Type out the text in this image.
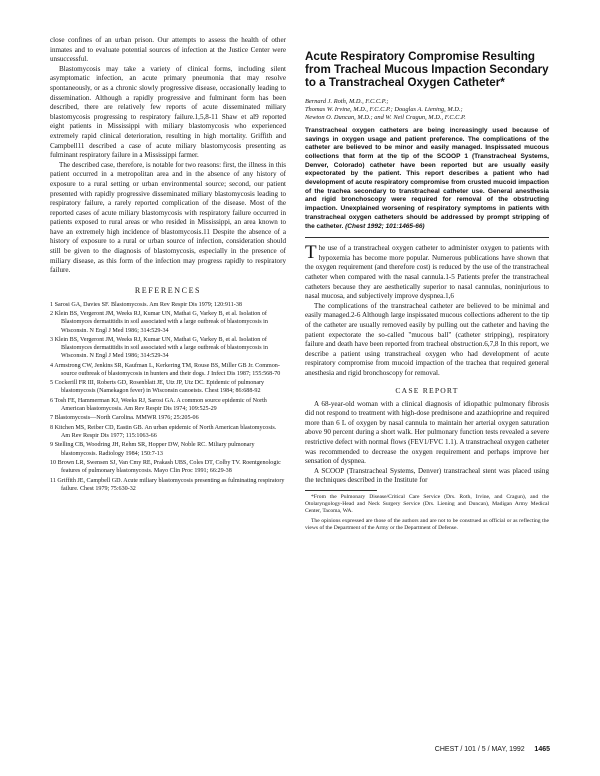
close confines of an urban prison. Our attempts to assess the health of other inmates and to evaluate potential sources of infection at the Justice Center were unsuccessful.

Blastomycosis may take a variety of clinical forms, including silent asymptomatic infection, an acute primary pneumonia that may resolve spontaneously, or as a chronic slowly progressive disease, occasionally leading to dissemination. Although a rapidly progressive and fulminant form has been described, there are relatively few reports of acute disseminated miliary blastomycosis progressing to respiratory failure.1,5,8-11 Shaw et al9 reported eight patients in Mississippi with miliary blastomycosis who experienced extremely rapid clinical deterioration, resulting in high mortality. Griffith and Campbell11 described a case of acute miliary blastomycosis presenting as fulminant respiratory failure in a Mississippi farmer.

The described case, therefore, is notable for two reasons: first, the illness in this patient occurred in a metropolitan area and in the absence of any history of exposure to a rural setting or urban environmental source; second, our patient presented with rapidly progressive disseminated miliary blastomycosis leading to respiratory failure, a rarely reported complication of the disease. Most of the reported cases of acute miliary blastomycosis with respiratory failure occurred in patients exposed to rural areas or who resided in Mississippi, an area known to have an extremely high incidence of blastomycosis.11 Despite the absence of a history of exposure to a rural or urban source of infection, consideration should still be given to the diagnosis of blastomycosis, especially in the presence of miliary disease, as this form of the infection may progress rapidly to respiratory failure.

REFERENCES
1 Sarosi GA, Davies SF. Blastomycosis. Am Rev Respir Dis 1979; 120:911-38
2 Klein BS, Vergeront JM, Weeks RJ, Kumar UN, Mathai G, Varkey B, et al. Isolation of Blastomyces dermatitidis in soil associated with a large outbreak of blastomycosis in Wisconsin. N Engl J Med 1986; 314:529-34
3 Klein BS, Vergeront JM, Weeks RJ, Kumar UN, Mathai G, Varkey B, et al. Isolation of Blastomyces dermatitidis in soil associated with a large outbreak of blastomycosis in Wisconsin. N Engl J Med 1986; 314:529-34
4 Armstrong CW, Jenkins SR, Kaufman L, Kerkering TM, Rouse BS, Miller GB Jr. Common-source outbreak of blastomycosis in hunters and their dogs. J Infect Dis 1987; 155:568-70
5 Cockerill FR III, Roberts GD, Rosenblatt JE, Utz JP, Utz DC. Epidemic of pulmonary blastomycosis (Namekagon fever) in Wisconsin canoeists. Chest 1984; 86:688-92
6 Tosh FE, Hammerman KJ, Weeks RJ, Sarosi GA. A common source epidemic of North American blastomycosis. Am Rev Respir Dis 1974; 109:525-29
7 Blastomycosis—North Carolina. MMWR 1976; 25:205-06
8 Kitchen MS, Reiber CD, Eastin GB. An urban epidemic of North American blastomycosis. Am Rev Respir Dis 1977; 115:1063-66
9 Stelling CB, Woodring JH, Rehm SR, Hopper DW, Noble RC. Miliary pulmonary blastomycosis. Radiology 1984; 150:7-13
10 Brown LR, Swensen SJ, Van Cmy RE, Prakash UBS, Coles DT, Colby TV. Roentgenologic features of pulmonary blastomycosis. Mayo Clin Proc 1991; 66:29-38
11 Griffith JE, Campbell GD. Acute miliary blastomycosis presenting as fulminating respiratory failure. Chest 1979; 75:630-32
Acute Respiratory Compromise Resulting from Tracheal Mucous Impaction Secondary to a Transtracheal Oxygen Catheter*
Bernard J. Roth, M.D., F.C.C.P.;
Thomas W. Irvine, M.D., F.C.C.P.; Douglas A. Liening, M.D.;
Newton O. Duncan, M.D.; and W. Neil Cragun, M.D., F.C.C.P.
Transtracheal oxygen catheters are being increasingly used because of savings in oxygen usage and patient preference. The complications of the catheter are believed to be minor and easily managed. Inspissated mucous collections that form at the tip of the SCOOP 1 (Transtracheal Systems, Denver, Colorado) catheter have been reported but are usually easily expectorated by the patient. This report describes a patient who had development of acute respiratory compromise from crusted mucoid impaction of the trachea secondary to transtracheal catheter use. General anesthesia and rigid bronchoscopy were required for removal of the obstructing impaction. Unexplained worsening of respiratory symptoms in patients with transtracheal oxygen catheters should be addressed by prompt stripping of the catheter. (Chest 1992; 101:1465-66)

The use of a transtracheal oxygen catheter to administer oxygen to patients with hypoxemia has become more popular. Numerous publications have shown that the oxygen requirement (and therefore cost) is reduced by the use of the transtracheal catheter when compared with the nasal cannula.1-5 Patients prefer the transtracheal catheters because they are aesthetically superior to nasal cannulas, noninjurious to nasal mucosa, and subjectively improve dyspnea.1,6

The complications of the transtracheal catheter are believed to be minimal and easily managed.2-6 Although large inspissated mucous collections adherent to the tip of the catheter are usually removed easily by pulling out the catheter and having the patient expectorate the so-called "mucous ball" (catheter stripping), respiratory failure and death have been reported from tracheal obstruction.6,7,8 In this report, we describe a patient using transtracheal oxygen who had development of acute respiratory compromise from mucoid impaction of the trachea that required general anesthesia and rigid bronchoscopy for removal.

CASE REPORT

A 68-year-old woman with a clinical diagnosis of idiopathic pulmonary fibrosis did not respond to treatment with high-dose prednisone and azathioprine and required more than 6 L of oxygen by nasal cannula to maintain her arterial oxygen saturation above 90 percent during a short walk. Her pulmonary function tests revealed a severe restrictive defect with normal flows (FEV1/FVC 1.1). A transtracheal oxygen catheter was recommended to decrease the oxygen requirement and perhaps improve her sensation of dyspnea.

A SCOOP (Transtracheal Systems, Denver) transtracheal stent was placed using the techniques described in the Institute for

*From the Pulmonary Disease/Critical Care Service (Drs. Roth, Irvine, and Cragun), and the Otolaryngology-Head and Neck Surgery Service (Drs. Liening and Duncan), Madigan Army Medical Center, Tacoma, WA.
The opinions expressed are those of the authors and are not to be construed as official or as reflecting the views of the Department of the Army or the Department of Defense.
CHEST / 101 / 5 / MAY, 1992 1465
